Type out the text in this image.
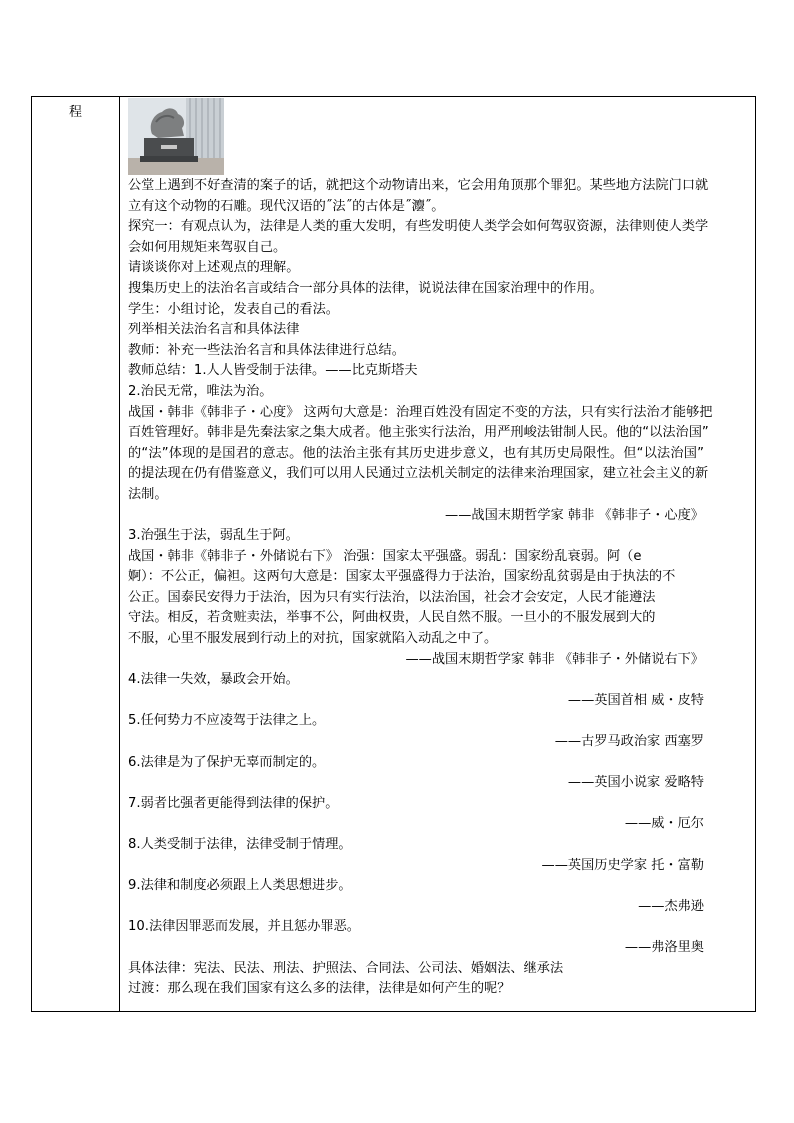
程
公堂上遇到不好查清的案子的话，就把这个动物请出来，它会用角顶那个罪犯。某些地方法院门口就
立有这个动物的石雕。现代汉语的˝法˝的古体是˝灋˝。
探究一：有观点认为，法律是人类的重大发明，有些发明使人类学会如何驾驭资源，法律则使人类学
会如何用规矩来驾驭自己。
请谈谈你对上述观点的理解。
搜集历史上的法治名言或结合一部分具体的法律，说说法律在国家治理中的作用。
学生：小组讨论，发表自己的看法。
列举相关法治名言和具体法律
教师：补充一些法治名言和具体法律进行总结。
教师总结：1.人人皆受制于法律。——比克斯塔夫
2.治民无常，唯法为治。
战国・韩非《韩非子・心度》 这两句大意是：治理百姓没有固定不变的方法，只有实行法治才能够把
百姓管理好。韩非是先秦法家之集大成者。他主张实行法治，用严刑峻法钳制人民。他的“以法治国”
的“法”体现的是国君的意志。他的法治主张有其历史进步意义，也有其历史局限性。但“以法治国”
的提法现在仍有借鉴意义，我们可以用人民通过立法机关制定的法律来治理国家，建立社会主义的新
法制。
——战国末期哲学家 韩非 《韩非子・心度》
3.治强生于法，弱乱生于阿。
战国・韩非《韩非子・外储说右下》 治强：国家太平强盛。弱乱：国家纷乱衰弱。阿（e
婀）：不公正，偏袒。这两句大意是：国家太平强盛得力于法治，国家纷乱贫弱是由于执法的不
公正。国泰民安得力于法治，因为只有实行法治，以法治国，社会才会安定，人民才能遵法
守法。相反，若贪赃卖法，举事不公，阿曲权贵，人民自然不服。一旦小的不服发展到大的
不服，心里不服发展到行动上的对抗，国家就陷入动乱之中了。
——战国末期哲学家 韩非 《韩非子・外储说右下》
4.法律一失效，暴政会开始。
——英国首相 威・皮特
5.任何势力不应凌驾于法律之上。
——古罗马政治家 西塞罗
6.法律是为了保护无辜而制定的。
——英国小说家 爱略特
7.弱者比强者更能得到法律的保护。
——威・厄尔
8.人类受制于法律，法律受制于情理。
——英国历史学家 托・富勒
9.法律和制度必须跟上人类思想进步。
——杰弗逊
10.法律因罪恶而发展，并且惩办罪恶。
——弗洛里奥
具体法律：宪法、民法、刑法、护照法、合同法、公司法、婚姻法、继承法
过渡：那么现在我们国家有这么多的法律，法律是如何产生的呢？
